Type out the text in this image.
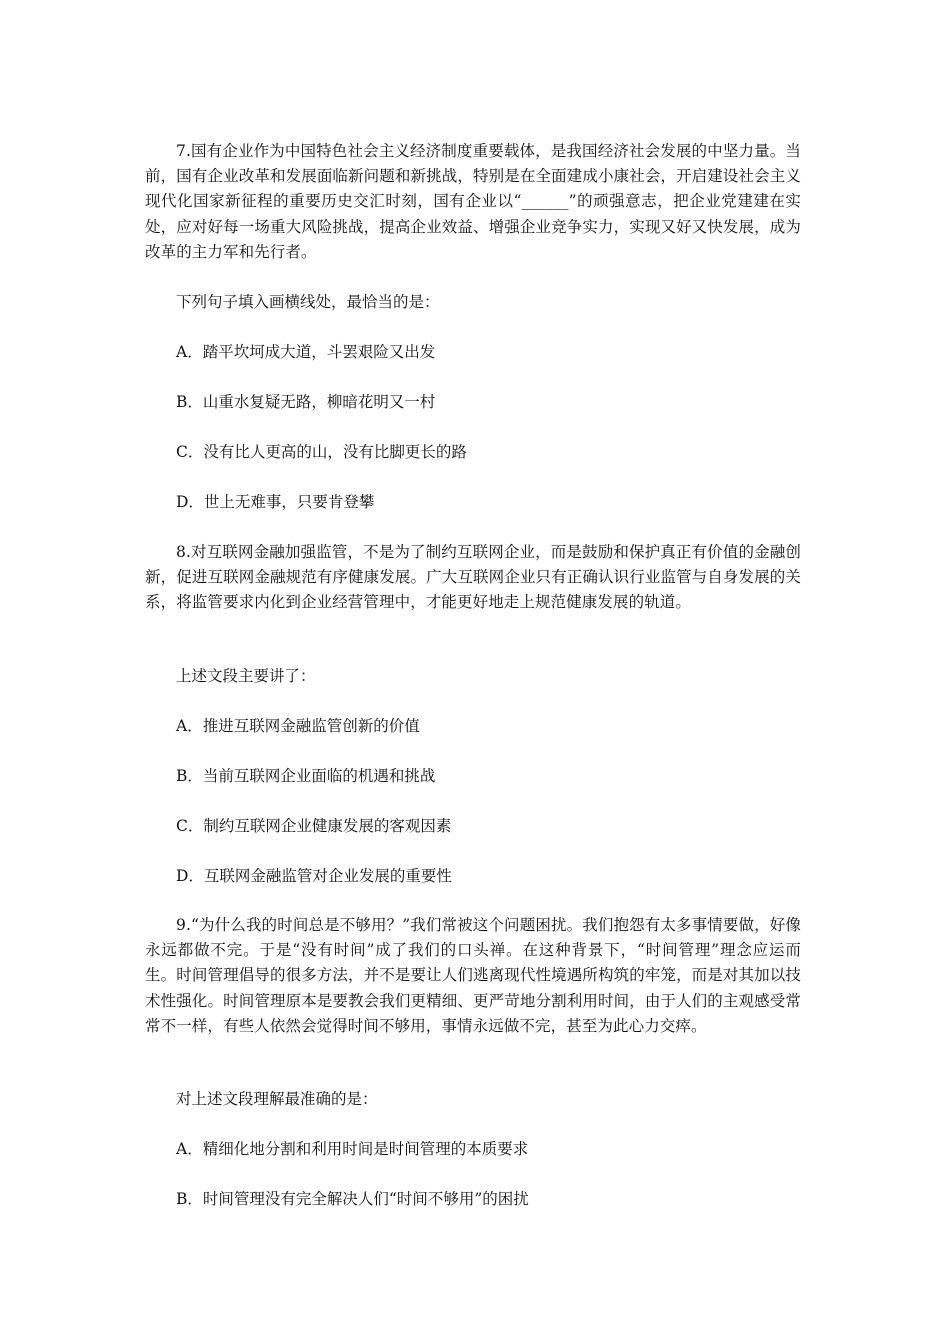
7.国有企业作为中国特色社会主义经济制度重要载体，是我国经济社会发展的中坚力量。当前，国有企业改革和发展面临新问题和新挑战，特别是在全面建成小康社会，开启建设社会主义现代化国家新征程的重要历史交汇时刻，国有企业以“______”的顽强意志，把企业党建建在实处，应对好每一场重大风险挑战，提高企业效益、增强企业竞争实力，实现又好又快发展，成为改革的主力军和先行者。

下列句子填入画横线处，最恰当的是：

A．踏平坎坷成大道，斗罢艰险又出发

B．山重水复疑无路，柳暗花明又一村

C．没有比人更高的山，没有比脚更长的路

D．世上无难事，只要肯登攀

8.对互联网金融加强监管，不是为了制约互联网企业，而是鼓励和保护真正有价值的金融创新，促进互联网金融规范有序健康发展。广大互联网企业只有正确认识行业监管与自身发展的关系，将监管要求内化到企业经营管理中，才能更好地走上规范健康发展的轨道。

上述文段主要讲了：

A．推进互联网金融监管创新的价值

B．当前互联网企业面临的机遇和挑战

C．制约互联网企业健康发展的客观因素

D．互联网金融监管对企业发展的重要性

9.“为什么我的时间总是不够用？”我们常被这个问题困扰。我们抱怨有太多事情要做，好像永远都做不完。于是“没有时间”成了我们的口头禅。在这种背景下，“时间管理”理念应运而生。时间管理倡导的很多方法，并不是要让人们逃离现代性境遇所构筑的牢笼，而是对其加以技术性强化。时间管理原本是要教会我们更精细、更严苛地分割利用时间，由于人们的主观感受常常不一样，有些人依然会觉得时间不够用，事情永远做不完，甚至为此心力交瘁。

对上述文段理解最准确的是：

A．精细化地分割和利用时间是时间管理的本质要求

B．时间管理没有完全解决人们“时间不够用”的困扰
